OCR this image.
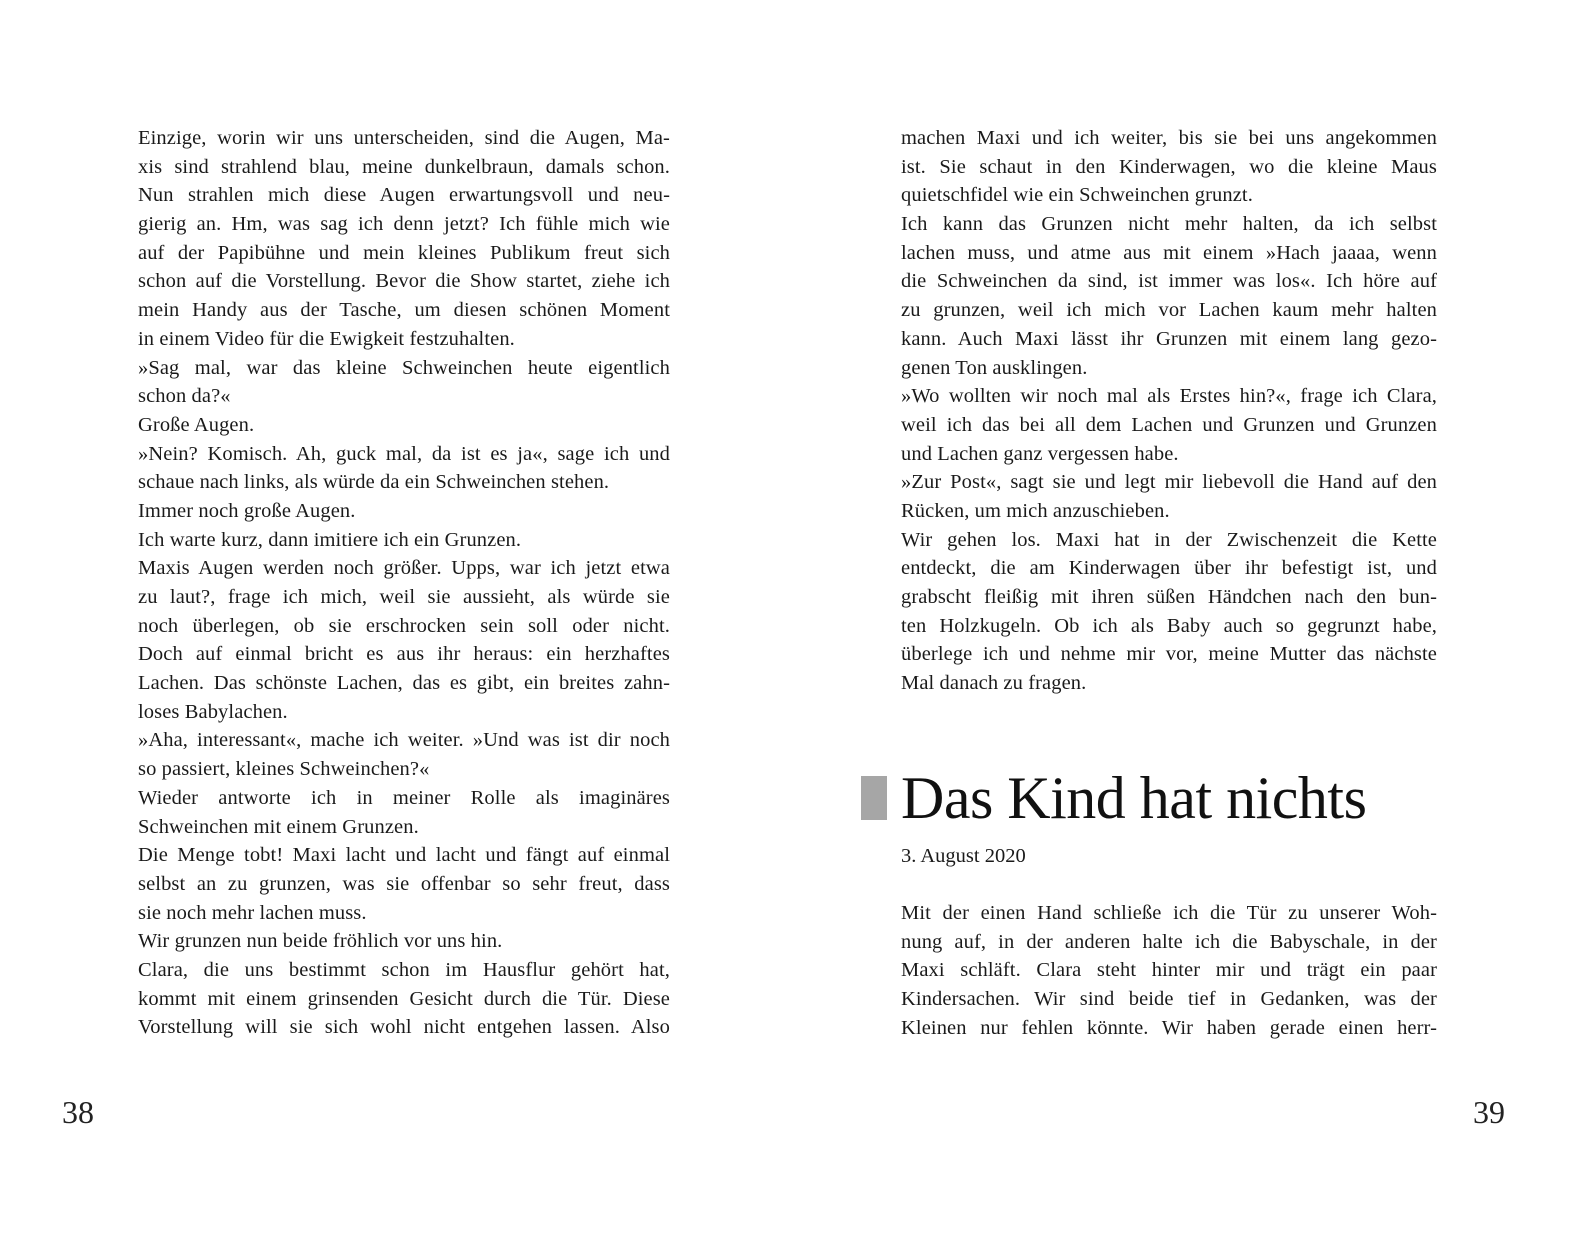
Einzige, worin wir uns unterscheiden, sind die Augen, Ma-
xis sind strahlend blau, meine dunkelbraun, damals schon.
Nun strahlen mich diese Augen erwartungsvoll und neu-
gierig an. Hm, was sag ich denn jetzt? Ich fühle mich wie
auf der Papibühne und mein kleines Publikum freut sich
schon auf die Vorstellung. Bevor die Show startet, ziehe ich
mein Handy aus der Tasche, um diesen schönen Moment
in einem Video für die Ewigkeit festzuhalten.
»Sag mal, war das kleine Schweinchen heute eigentlich
schon da?«
Große Augen.
»Nein? Komisch. Ah, guck mal, da ist es ja«, sage ich und
schaue nach links, als würde da ein Schweinchen stehen.
Immer noch große Augen.
Ich warte kurz, dann imitiere ich ein Grunzen.
Maxis Augen werden noch größer. Upps, war ich jetzt etwa
zu laut?, frage ich mich, weil sie aussieht, als würde sie
noch überlegen, ob sie erschrocken sein soll oder nicht.
Doch auf einmal bricht es aus ihr heraus: ein herzhaftes
Lachen. Das schönste Lachen, das es gibt, ein breites zahn-
loses Babylachen.
»Aha, interessant«, mache ich weiter. »Und was ist dir noch
so passiert, kleines Schweinchen?«
Wieder antworte ich in meiner Rolle als imaginäres
Schweinchen mit einem Grunzen.
Die Menge tobt! Maxi lacht und lacht und fängt auf einmal
selbst an zu grunzen, was sie offenbar so sehr freut, dass
sie noch mehr lachen muss.
Wir grunzen nun beide fröhlich vor uns hin.
Clara, die uns bestimmt schon im Hausflur gehört hat,
kommt mit einem grinsenden Gesicht durch die Tür. Diese
Vorstellung will sie sich wohl nicht entgehen lassen. Also
38
machen Maxi und ich weiter, bis sie bei uns angekommen
ist. Sie schaut in den Kinderwagen, wo die kleine Maus
quietschfidel wie ein Schweinchen grunzt.
Ich kann das Grunzen nicht mehr halten, da ich selbst
lachen muss, und atme aus mit einem »Hach jaaaa, wenn
die Schweinchen da sind, ist immer was los«. Ich höre auf
zu grunzen, weil ich mich vor Lachen kaum mehr halten
kann. Auch Maxi lässt ihr Grunzen mit einem lang gezo-
genen Ton ausklingen.
»Wo wollten wir noch mal als Erstes hin?«, frage ich Clara,
weil ich das bei all dem Lachen und Grunzen und Grunzen
und Lachen ganz vergessen habe.
»Zur Post«, sagt sie und legt mir liebevoll die Hand auf den
Rücken, um mich anzuschieben.
Wir gehen los. Maxi hat in der Zwischenzeit die Kette
entdeckt, die am Kinderwagen über ihr befestigt ist, und
grabscht fleißig mit ihren süßen Händchen nach den bun-
ten Holzkugeln. Ob ich als Baby auch so gegrunzt habe,
überlege ich und nehme mir vor, meine Mutter das nächste
Mal danach zu fragen.
Das Kind hat nichts
3. August 2020
Mit der einen Hand schließe ich die Tür zu unserer Woh-
nung auf, in der anderen halte ich die Babyschale, in der
Maxi schläft. Clara steht hinter mir und trägt ein paar
Kindersachen. Wir sind beide tief in Gedanken, was der
Kleinen nur fehlen könnte. Wir haben gerade einen herr-
39
